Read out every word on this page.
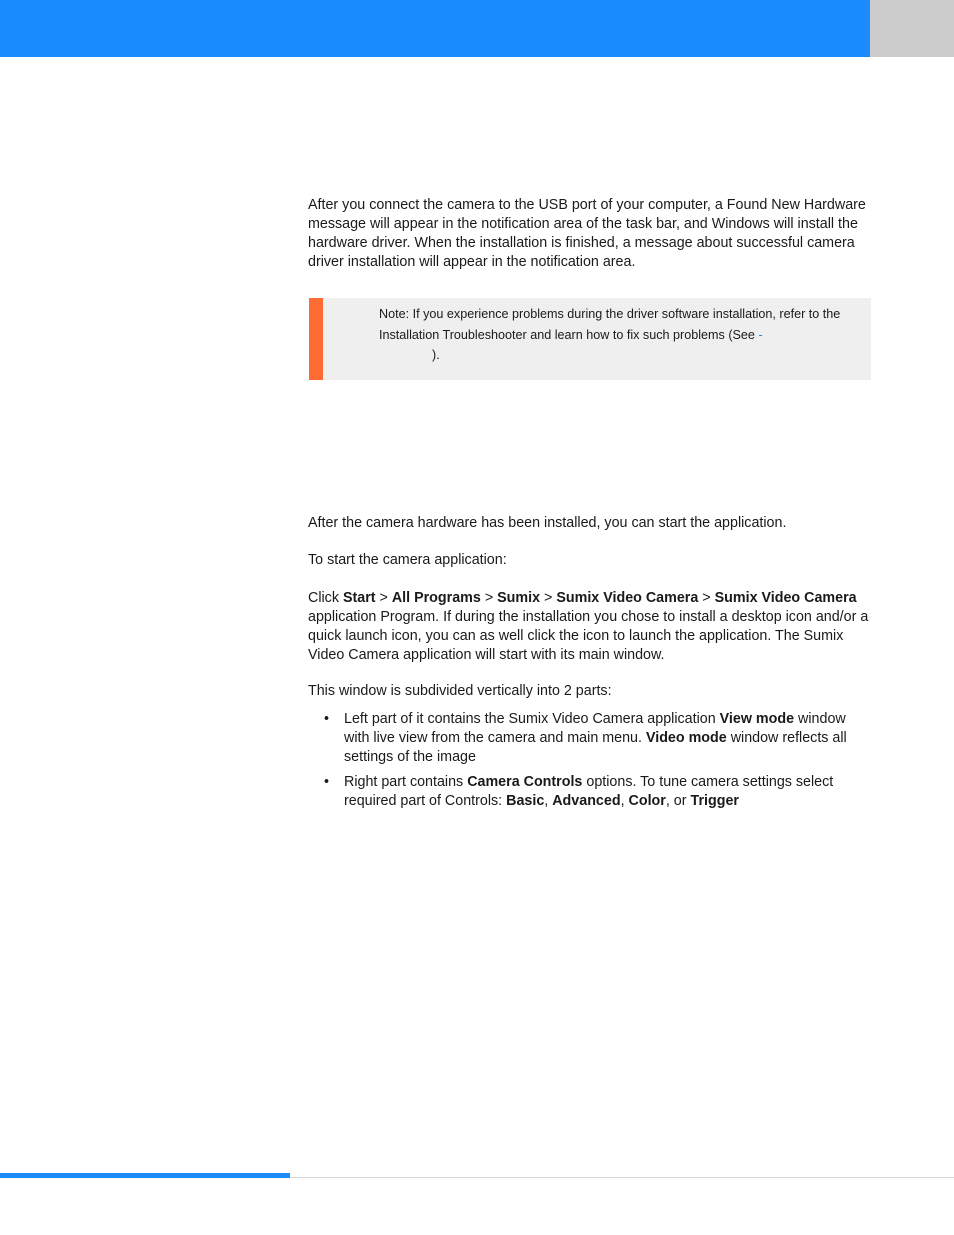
After you connect the camera to the USB port of your computer, a Found New Hardware message will appear in the notification area of the task bar, and Windows will install the hardware driver. When the installation is finished, a message about successful camera driver installation will appear in the notification area.

Note: If you experience problems during the driver software installation, refer to the Installation Troubleshooter and learn how to fix such problems (See -
).

After the camera hardware has been installed, you can start the application.

To start the camera application:

Click Start > All Programs > Sumix > Sumix Video Camera > Sumix Video Camera application Program. If during the installation you chose to install a desktop icon and/or a quick launch icon, you can as well click the icon to launch the application. The Sumix Video Camera application will start with its main window.

This window is subdivided vertically into 2 parts:

• Left part of it contains the Sumix Video Camera application View mode window with live view from the camera and main menu. Video mode window reflects all settings of the image
• Right part contains Camera Controls options. To tune camera settings select required part of Controls: Basic, Advanced, Color, or Trigger
